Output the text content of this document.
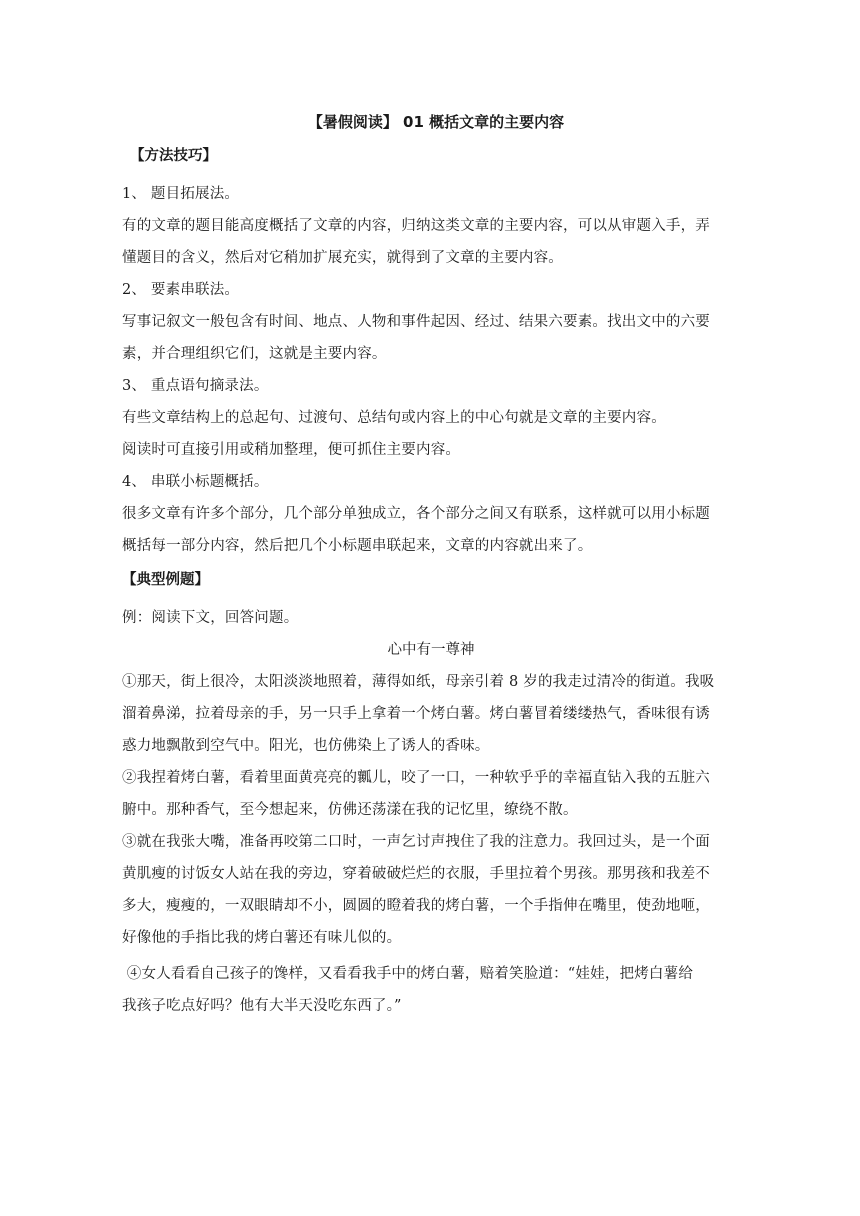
【暑假阅读】 01 概括文章的主要内容
【方法技巧】

1、 题目拓展法。

有的文章的题目能高度概括了文章的内容，归纳这类文章的主要内容，可以从审题入手，弄

懂题目的含义，然后对它稍加扩展充实，就得到了文章的主要内容。

2、 要素串联法。

写事记叙文一般包含有时间、地点、人物和事件起因、经过、结果六要素。找出文中的六要

素，并合理组织它们，这就是主要内容。

3、 重点语句摘录法。

有些文章结构上的总起句、过渡句、总结句或内容上的中心句就是文章的主要内容。

阅读时可直接引用或稍加整理，便可抓住主要内容。

4、 串联小标题概括。

很多文章有许多个部分，几个部分单独成立，各个部分之间又有联系，这样就可以用小标题

概括每一部分内容，然后把几个小标题串联起来，文章的内容就出来了。

【典型例题】

例：阅读下文，回答问题。

心中有一尊神

①那天，街上很冷，太阳淡淡地照着，薄得如纸，母亲引着 8 岁的我走过清冷的街道。我吸

溜着鼻涕，拉着母亲的手，另一只手上拿着一个烤白薯。烤白薯冒着缕缕热气，香味很有诱

惑力地飘散到空气中。阳光，也仿佛染上了诱人的香味。

②我捏着烤白薯，看着里面黄亮亮的瓤儿，咬了一口，一种软乎乎的幸福直钻入我的五脏六

腑中。那种香气，至今想起来，仿佛还荡漾在我的记忆里，缭绕不散。

③就在我张大嘴，准备再咬第二口时，一声乞讨声拽住了我的注意力。我回过头，是一个面

黄肌瘦的讨饭女人站在我的旁边，穿着破破烂烂的衣服，手里拉着个男孩。那男孩和我差不

多大，瘦瘦的，一双眼睛却不小，圆圆的瞪着我的烤白薯，一个手指伸在嘴里，使劲地咂，

好像他的手指比我的烤白薯还有味儿似的。

④女人看看自己孩子的馋样，又看看我手中的烤白薯，赔着笑脸道：“娃娃，把烤白薯给

我孩子吃点好吗？他有大半天没吃东西了。”
